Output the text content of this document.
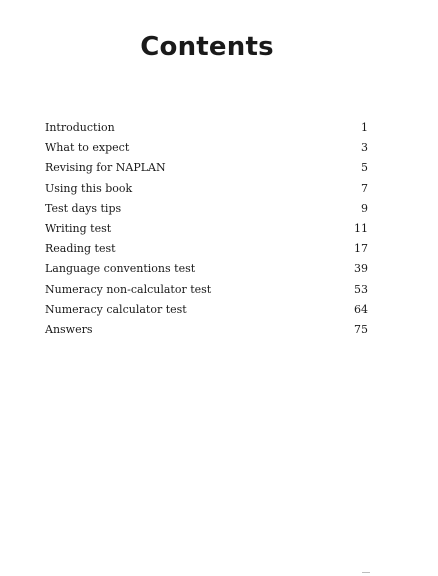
Contents
Introduction	1
What to expect	3
Revising for NAPLAN	5
Using this book	7
Test days tips	9
Writing test	11
Reading test	17
Language conventions test	39
Numeracy non-calculator test	53
Numeracy calculator test	64
Answers	75
